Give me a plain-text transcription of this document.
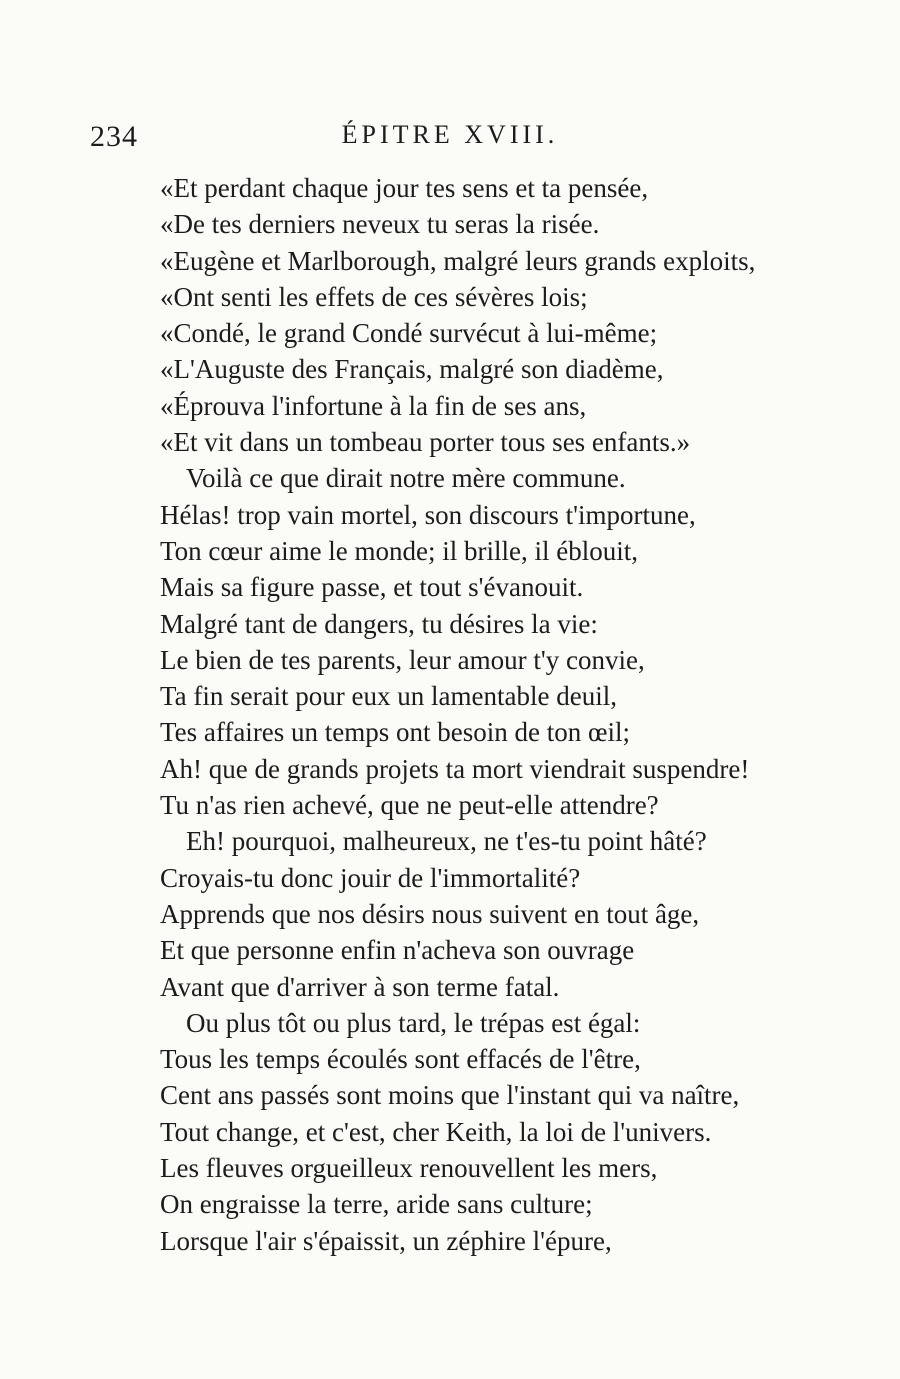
234	ÉPITRE XVIII.
«Et perdant chaque jour tes sens et ta pensée,
«De tes derniers neveux tu seras la risée.
«Eugène et Marlborough, malgré leurs grands exploits,
«Ont senti les effets de ces sévères lois;
«Condé, le grand Condé survécut à lui-même;
«L'Auguste des Français, malgré son diadème,
«Éprouva l'infortune à la fin de ses ans,
«Et vit dans un tombeau porter tous ses enfants.»
Voilà ce que dirait notre mère commune.
Hélas! trop vain mortel, son discours t'importune,
Ton cœur aime le monde; il brille, il éblouit,
Mais sa figure passe, et tout s'évanouit.
Malgré tant de dangers, tu désires la vie:
Le bien de tes parents, leur amour t'y convie,
Ta fin serait pour eux un lamentable deuil,
Tes affaires un temps ont besoin de ton œil;
Ah! que de grands projets ta mort viendrait suspendre!
Tu n'as rien achevé, que ne peut-elle attendre?
Eh! pourquoi, malheureux, ne t'es-tu point hâté?
Croyais-tu donc jouir de l'immortalité?
Apprends que nos désirs nous suivent en tout âge,
Et que personne enfin n'acheva son ouvrage
Avant que d'arriver à son terme fatal.
Ou plus tôt ou plus tard, le trépas est égal:
Tous les temps écoulés sont effacés de l'être,
Cent ans passés sont moins que l'instant qui va naître,
Tout change, et c'est, cher Keith, la loi de l'univers.
Les fleuves orgueilleux renouvellent les mers,
On engraisse la terre, aride sans culture;
Lorsque l'air s'épaissit, un zéphire l'épure,
